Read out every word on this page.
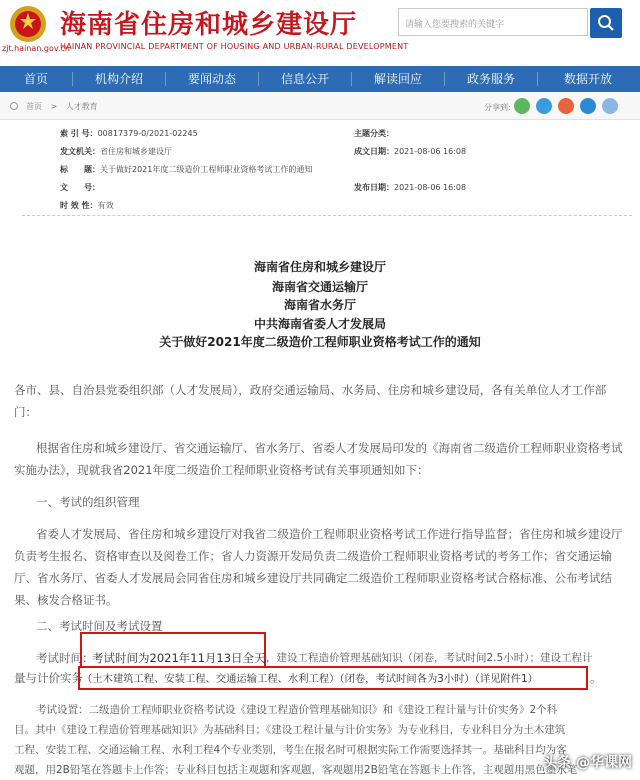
海南省住房和城乡建设厅
HAINAN PROVINCIAL DEPARTMENT OF HOUSING AND URBAN-RURAL DEVELOPMENT
zjt.hainan.gov.cn
请输入您要搜索的关键字
首页	机构介绍	要闻动态	信息公开	解读回应	政务服务	数据开放
首页 > 人才教育	分享到:
索 引 号：00817379-0/2021-02245	主题分类：
发文机关：省住房和城乡建设厅	成文日期：2021-08-06 16:08
标　　题：关于做好2021年度二级造价工程师职业资格考试工作的通知
文　　号：	发布日期：2021-08-06 16:08
时 效 性：有效
海南省住房和城乡建设厅
海南省交通运输厅
海南省水务厅
中共海南省委人才发展局
关于做好2021年度二级造价工程师职业资格考试工作的通知
各市、县、自治县党委组织部（人才发展局），政府交通运输局、水务局、住房和城乡建设局，各有关单位人才工作部
门：
根据省住房和城乡建设厅、省交通运输厅、省水务厅、省委人才发展局印发的《海南省二级造价工程师职业资格考试
实施办法》，现就我省2021年度二级造价工程师职业资格考试有关事项通知如下：
一、考试的组织管理
省委人才发展局、省住房和城乡建设厅对我省二级造价工程师职业资格考试工作进行指导监督；省住房和城乡建设厅
负责考生报名、资格审查以及阅卷工作；省人力资源开发局负责二级造价工程师职业资格考试的考务工作；省交通运输
厅、省水务厅、省委人才发展局会同省住房和城乡建设厅共同确定二级造价工程师职业资格考试合格标准、公布考试结
果、核发合格证书。
二、考试时间及考试设置
考试时间：
考试时间为2021年11月13日全天 ，建设工程造价管理基础知识（闭卷，考试时间2.5小时）；建设工程计
量与计价实务 （土木建筑工程、安装工程、交通运输工程、水利工程）（闭卷，考试时间各为3小时）（详见附件1）	。
考试设置：二级造价工程师职业资格考试设《建设工程造价管理基础知识》和《建设工程计量与计价实务》2个科
目。其中《建设工程造价管理基础知识》为基础科目；《建设工程计量与计价实务》为专业科目，专业科目分为土木建筑
工程、安装工程、交通运输工程、水利工程4个专业类别，考生在报名时可根据实际工作需要选择其一。基础科目均为客
观题，用2B铅笔在答题卡上作答；专业科目包括主观题和客观题，客观题用2B铅笔在答题卡上作答，主观题用黑色墨水笔
头条 @华课网
